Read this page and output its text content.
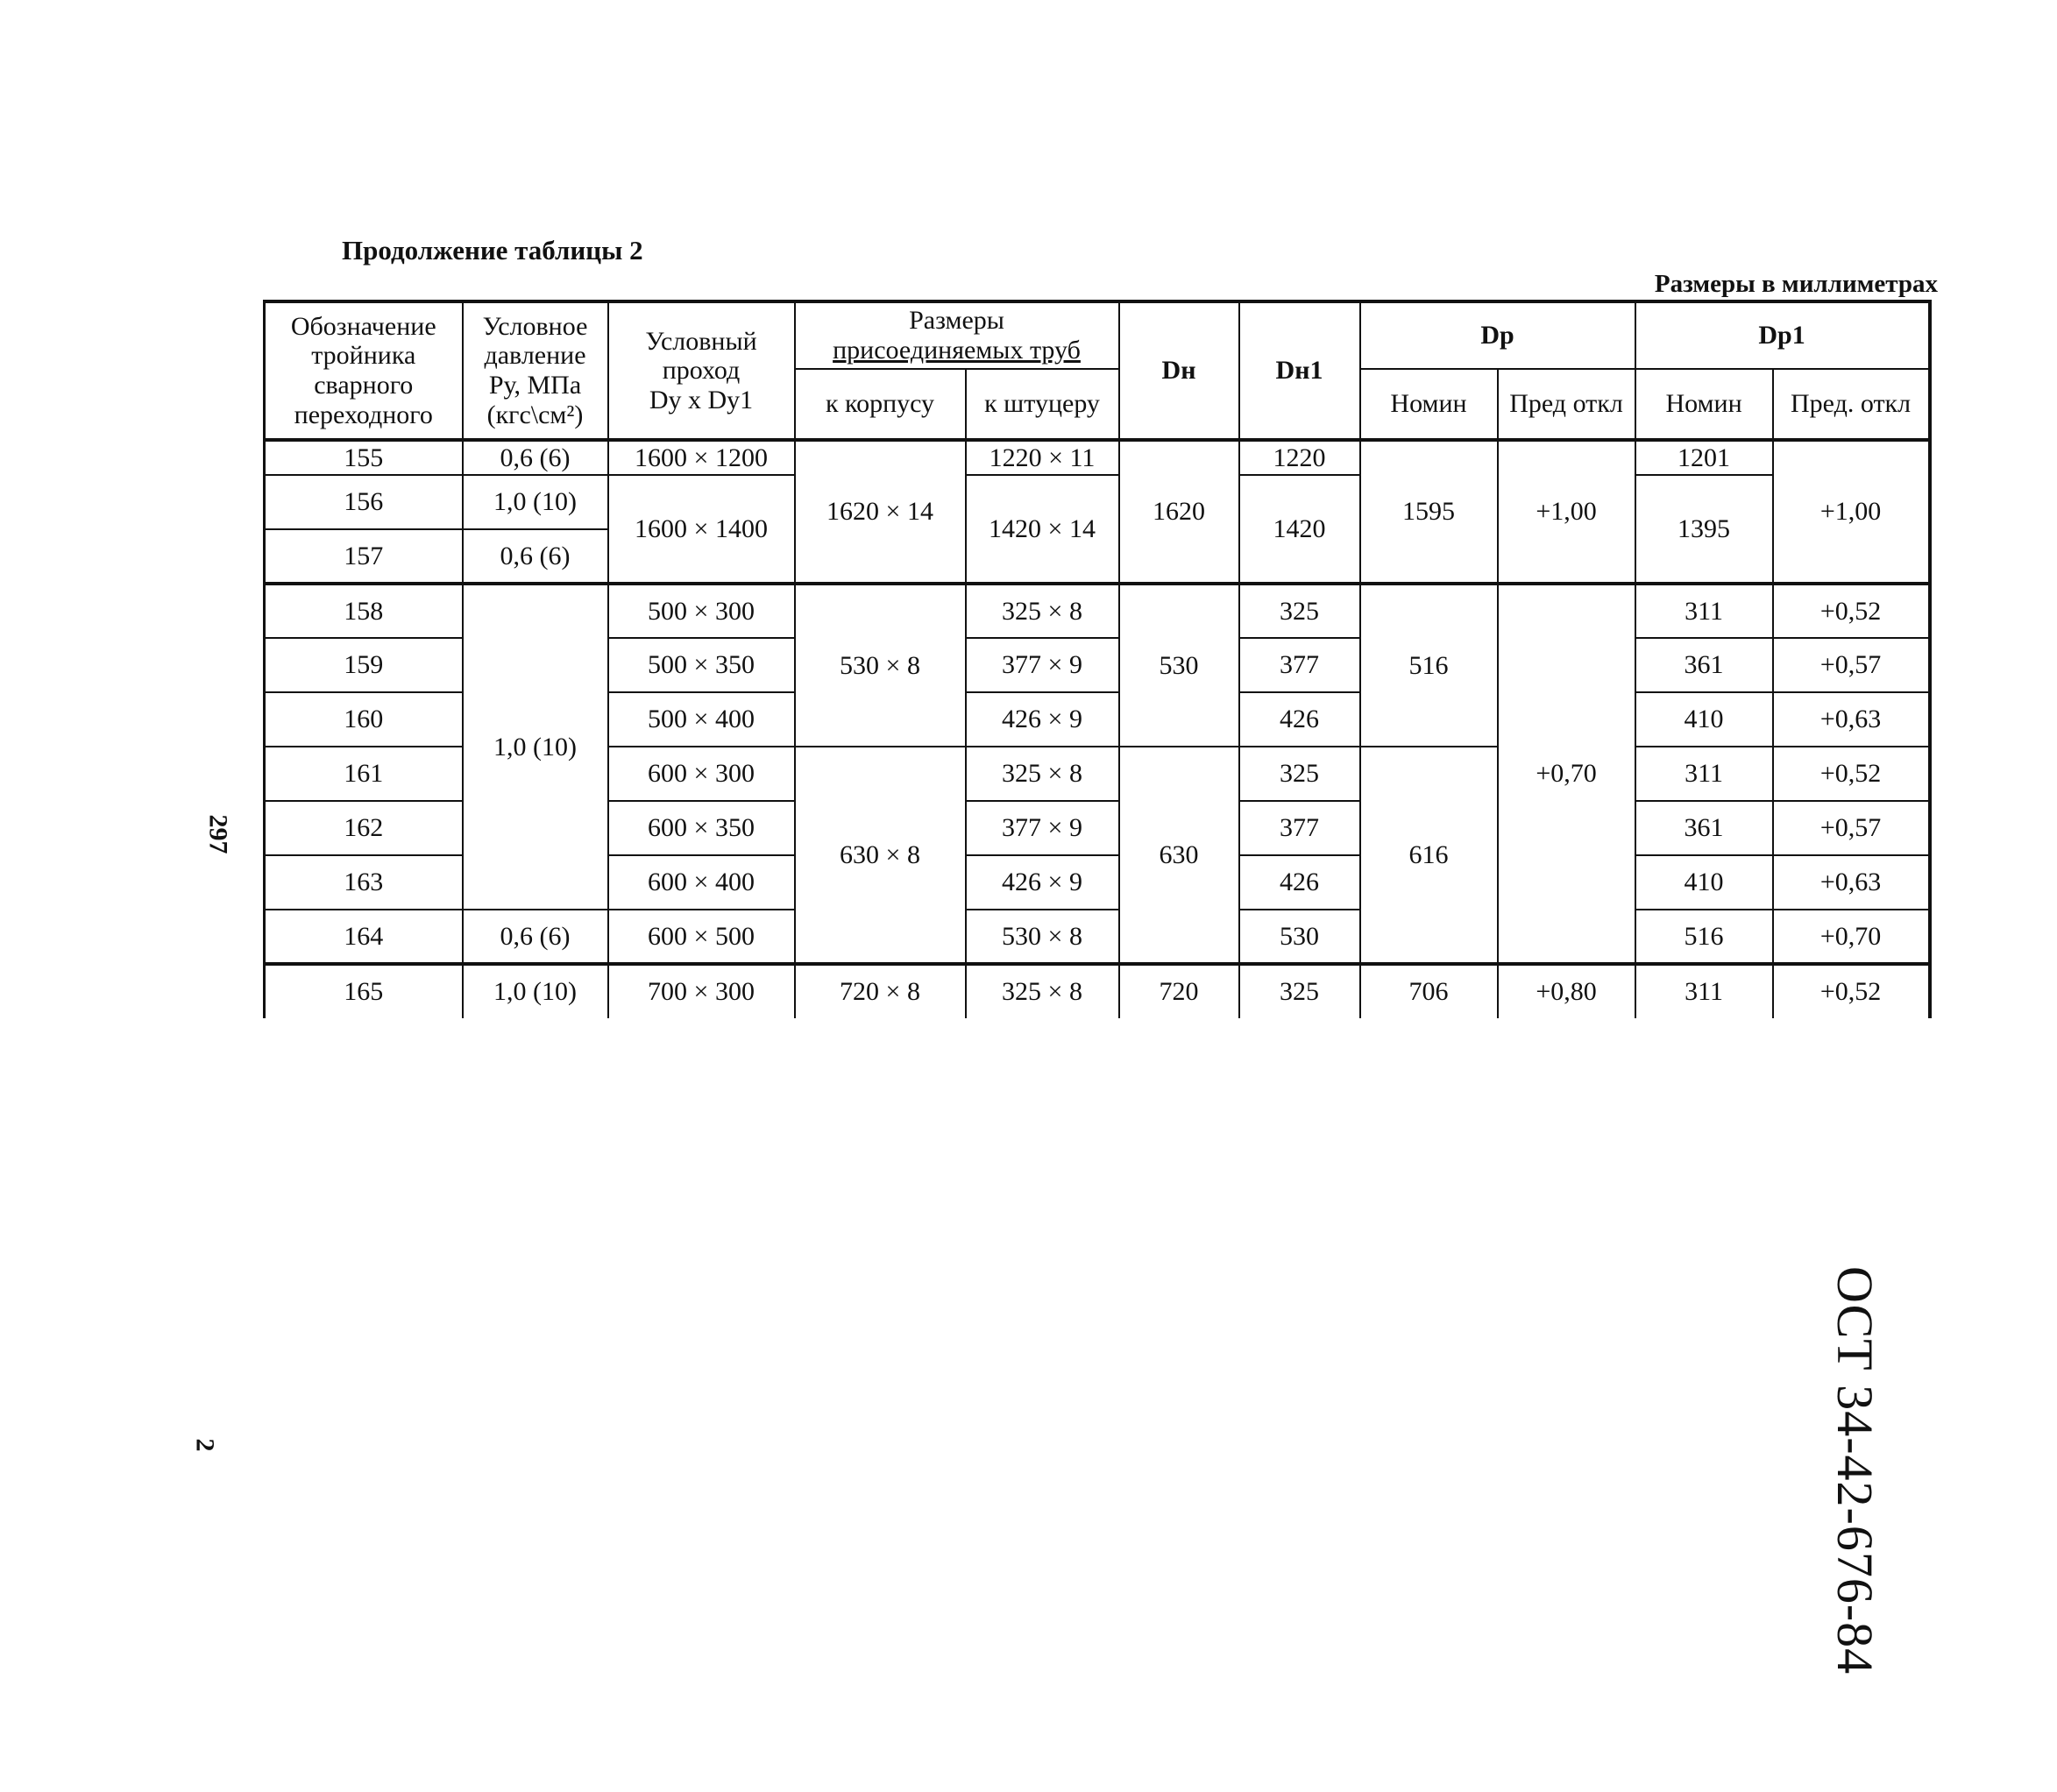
Продолжение таблицы 2
Размеры в миллиметрах
Обозначение тройника сварного переходного	Условное давление
Pу, МПа
(кгс\см²)	Условный проход
Dу x Dу1	Размеры
присоединяемых труб		Dн	Dн1	Dр		Dр1	
			к корпусу	к штуцеру			Номин	Пред откл	Номин	Пред. откл
155	0,6 (6)	1600 × 1200	1620 × 14	1220 × 11	1620	1220	1595	+1,00	1201	+1,00
156	1,0 (10)	1600 × 1400		1420 × 14		1420			1395	
157	0,6 (6)									
158	1,0 (10)	500 × 300	530 × 8	325 × 8	530	325	516	+0,70	311	+0,52
159		500 × 350		377 × 9		377			361	+0,57
160		500 × 400		426 × 9		426			410	+0,63
161		600 × 300	630 × 8	325 × 8	630	325	616		311	+0,52
162		600 × 350		377 × 9		377			361	+0,57
163		600 × 400		426 × 9		426			410	+0,63
164	0,6 (6)	600 × 500		530 × 8		530			516	+0,70
165	1,0 (10)	700 × 300	720 × 8	325 × 8	720	325	706	+0,80	311	+0,52
297
ОСТ 34-42-676-84
2
